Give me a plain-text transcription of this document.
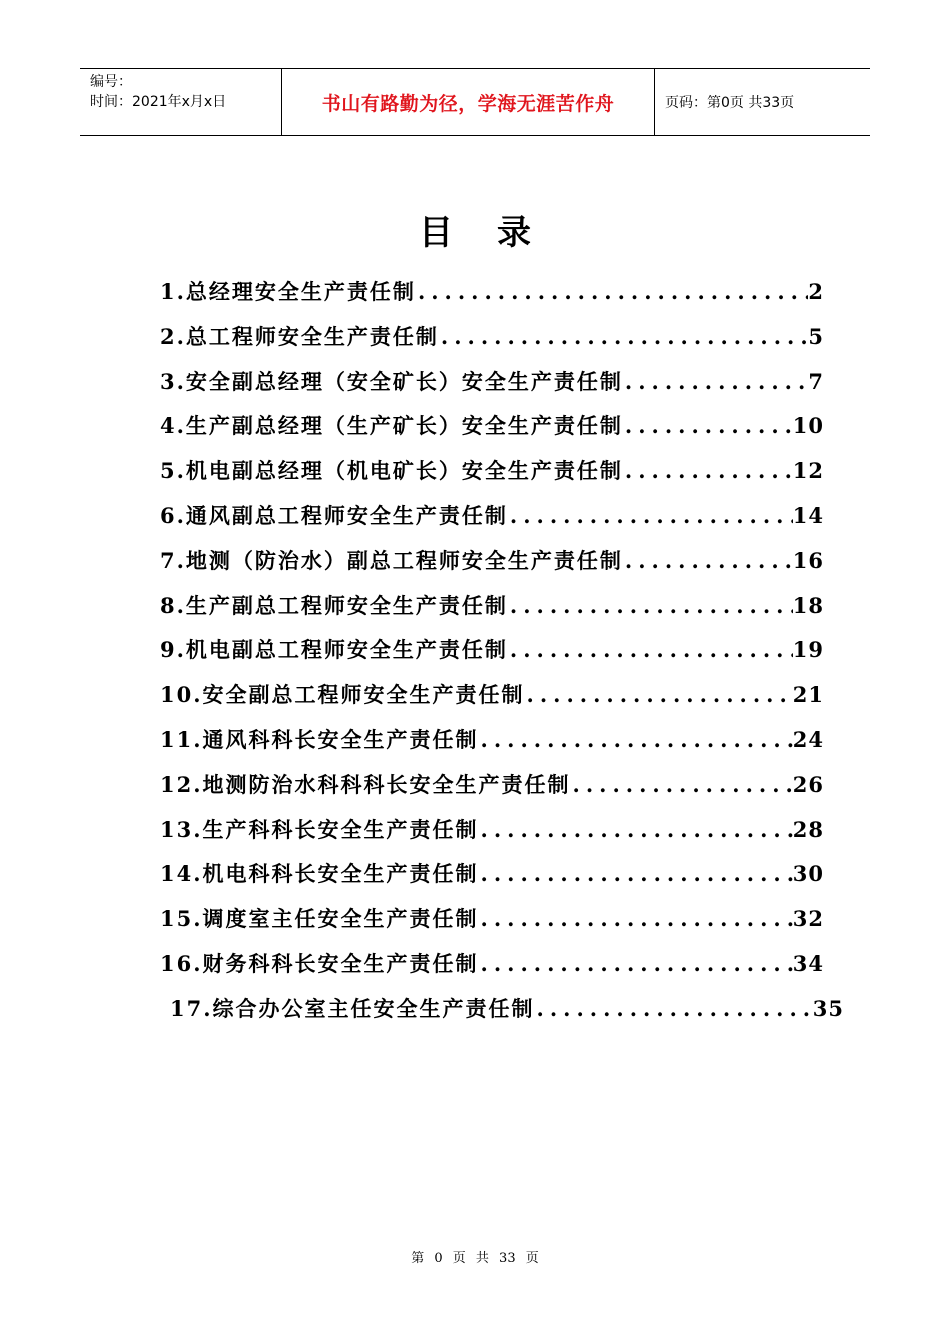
编号：
时间：2021年x月x日	书山有路勤为径，学海无涯苦作舟	页码：第0页 共33页
目录
1.总经理安全生产责任制 .....	2
2.总工程师安全生产责任制 .....	5
3.安全副总经理（安全矿长）安全生产责任制 .....	7
4.生产副总经理（生产矿长）安全生产责任制 .....	10
5.机电副总经理（机电矿长）安全生产责任制 .....	12
6.通风副总工程师安全生产责任制 .....	14
7.地测（防治水）副总工程师安全生产责任制 .....	16
8.生产副总工程师安全生产责任制 .....	18
9.机电副总工程师安全生产责任制 .....	19
10.安全副总工程师安全生产责任制 .....	21
11.通风科科长安全生产责任制 .....	24
12.地测防治水科科科长安全生产责任制 .....	26
13.生产科科长安全生产责任制 .....	28
14.机电科科长安全生产责任制 .....	30
15.调度室主任安全生产责任制 .....	32
16.财务科科长安全生产责任制 .....	34
17.综合办公室主任安全生产责任制 .....	35
第 0 页 共 33 页
